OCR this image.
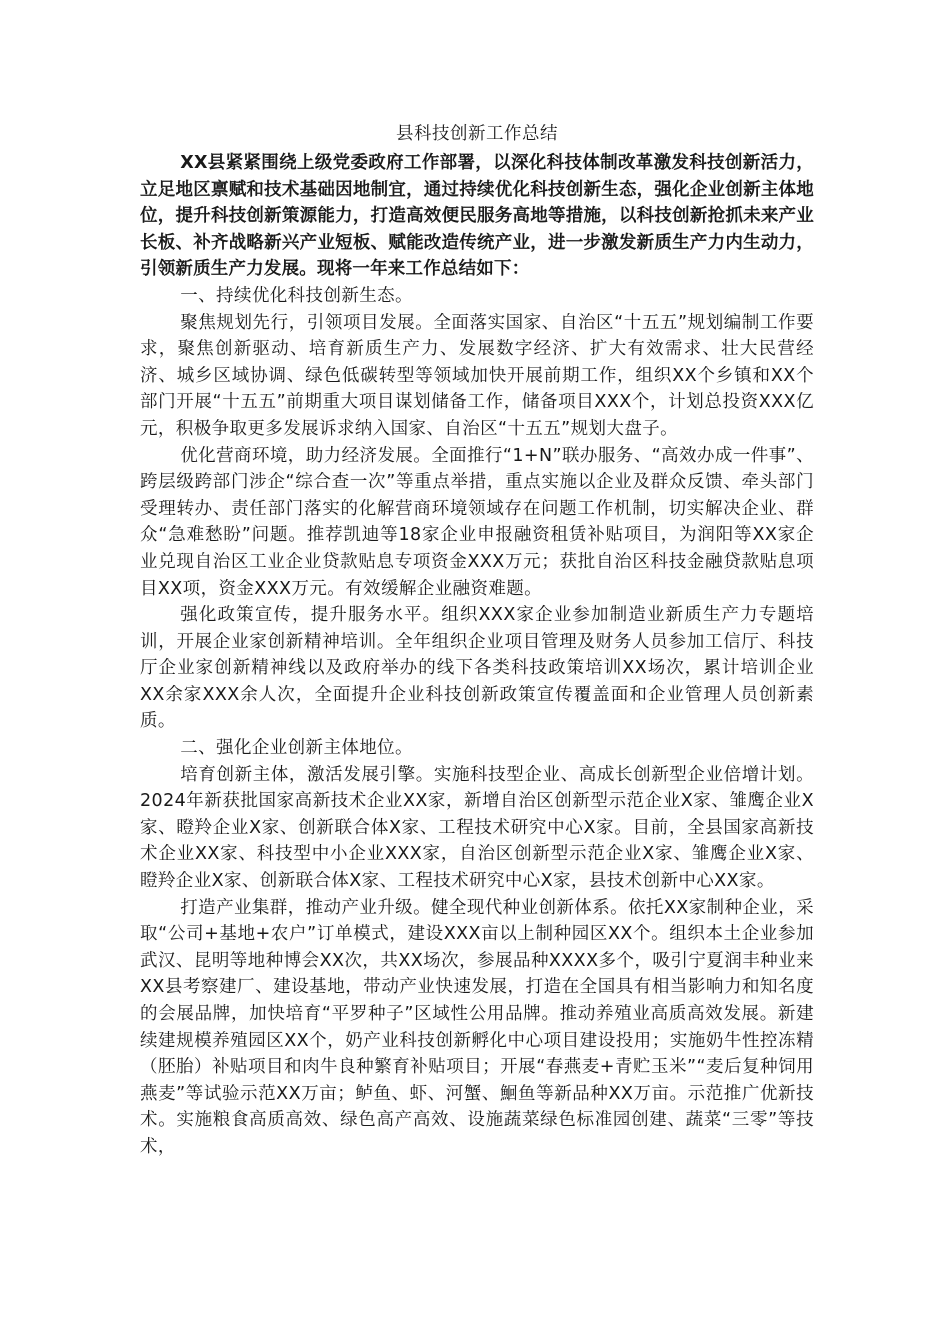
县科技创新工作总结

XX县紧紧围绕上级党委政府工作部署，以深化科技体制改革激发科技创新活力，立足地区禀赋和技术基础因地制宜，通过持续优化科技创新生态，强化企业创新主体地位，提升科技创新策源能力，打造高效便民服务高地等措施，以科技创新抢抓未来产业长板、补齐战略新兴产业短板、赋能改造传统产业，进一步激发新质生产力内生动力，引领新质生产力发展。现将一年来工作总结如下：

一、持续优化科技创新生态。

聚焦规划先行，引领项目发展。全面落实国家、自治区“十五五”规划编制工作要求，聚焦创新驱动、培育新质生产力、发展数字经济、扩大有效需求、壮大民营经济、城乡区域协调、绿色低碳转型等领域加快开展前期工作，组织XX个乡镇和XX个部门开展“十五五”前期重大项目谋划储备工作，储备项目XXX个，计划总投资XXX亿元，积极争取更多发展诉求纳入国家、自治区“十五五”规划大盘子。

优化营商环境，助力经济发展。全面推行“1+N”联办服务、“高效办成一件事”、跨层级跨部门涉企“综合查一次”等重点举措，重点实施以企业及群众反馈、牵头部门受理转办、责任部门落实的化解营商环境领域存在问题工作机制，切实解决企业、群众“急难愁盼”问题。推荐凯迪等18家企业申报融资租赁补贴项目，为润阳等XX家企业兑现自治区工业企业贷款贴息专项资金XXX万元；获批自治区科技金融贷款贴息项目XX项，资金XXX万元。有效缓解企业融资难题。

强化政策宣传，提升服务水平。组织XXX家企业参加制造业新质生产力专题培训，开展企业家创新精神培训。全年组织企业项目管理及财务人员参加工信厅、科技厅企业家创新精神线以及政府举办的线下各类科技政策培训XX场次，累计培训企业XX余家XXX余人次，全面提升企业科技创新政策宣传覆盖面和企业管理人员创新素质。

二、强化企业创新主体地位。

培育创新主体，激活发展引擎。实施科技型企业、高成长创新型企业倍增计划。2024年新获批国家高新技术企业XX家，新增自治区创新型示范企业X家、雏鹰企业X家、瞪羚企业X家、创新联合体X家、工程技术研究中心X家。目前，全县国家高新技术企业XX家、科技型中小企业XXX家，自治区创新型示范企业X家、雏鹰企业X家、瞪羚企业X家、创新联合体X家、工程技术研究中心X家，县技术创新中心XX家。

打造产业集群，推动产业升级。健全现代种业创新体系。依托XX家制种企业，采取“公司+基地+农户”订单模式，建设XXX亩以上制种园区XX个。组织本土企业参加武汉、昆明等地种博会XX次，共XX场次，参展品种XXXX多个，吸引宁夏润丰种业来XX县考察建厂、建设基地，带动产业快速发展，打造在全国具有相当影响力和知名度的会展品牌，加快培育“平罗种子”区域性公用品牌。推动养殖业高质高效发展。新建续建规模养殖园区XX个，奶产业科技创新孵化中心项目建设投用；实施奶牛性控冻精（胚胎）补贴项目和肉牛良种繁育补贴项目；开展“春燕麦+青贮玉米”“麦后复种饲用燕麦”等试验示范XX万亩；鲈鱼、虾、河蟹、鮰鱼等新品种XX万亩。示范推广优新技术。实施粮食高质高效、绿色高产高效、设施蔬菜绿色标准园创建、蔬菜“三零”等技术，
